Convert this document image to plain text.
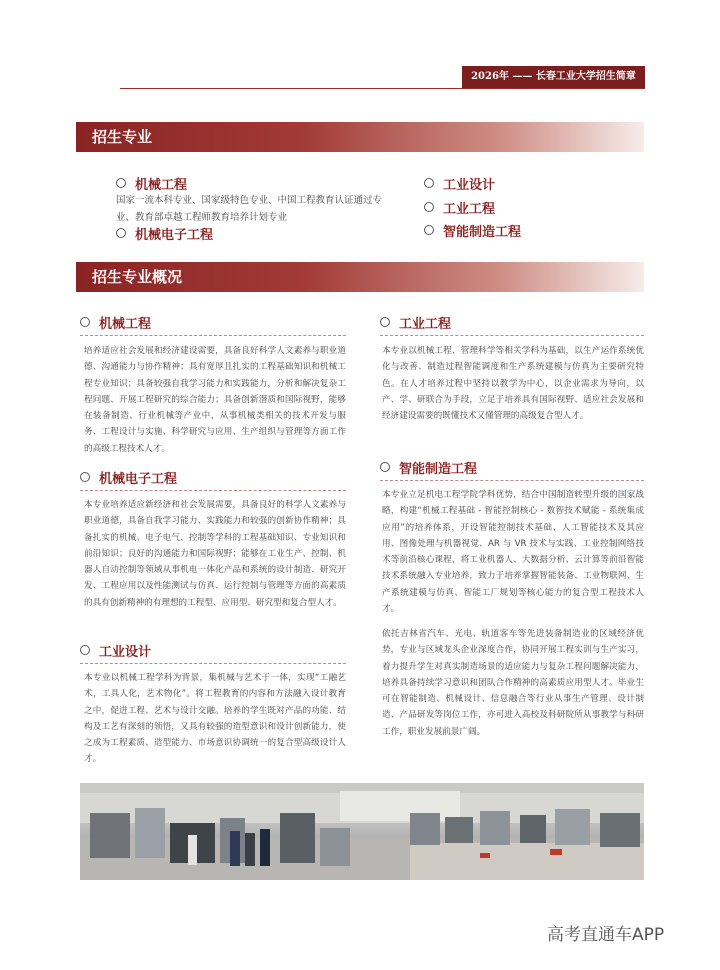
2026年 —— 长春工业大学招生简章
招生专业
机械工程
国家一流本科专业、国家级特色专业、中国工程教育认证通过专业、教育部卓越工程师教育培养计划专业
机械电子工程
工业设计
工业工程
智能制造工程
招生专业概况
机械工程
培养适应社会发展和经济建设需要，具备良好科学人文素养与职业道德、沟通能力与协作精神；具有宽厚且扎实的工程基础知识和机械工程专业知识；具备较强自我学习能力和实践能力，分析和解决复杂工程问题、开展工程研究的综合能力；具备创新潜质和国际视野，能够在装备制造、行业机械等产业中，从事机械类相关的技术开发与服务、工程设计与实施、科学研究与应用、生产组织与管理等方面工作的高级工程技术人才。
机械电子工程
本专业培养适应新经济和社会发展需要，具备良好的科学人文素养与职业道德，具备自我学习能力、实践能力和较强的创新协作精神；具备扎实的机械、电子电气、控制等学科的工程基础知识、专业知识和前沿知识；良好的沟通能力和国际视野；能够在工业生产、控制、机器人自动控制等领域从事机电一体化产品和系统的设计制造、研究开发、工程应用以及性能测试与仿真、运行控制与管理等方面的高素质的具有创新精神的有理想的工程型、应用型、研究型和复合型人才。
工业设计
本专业以机械工程学科为背景，集机械与艺术于一体，实现“工融艺术，工具人化，艺术物化”。将工程教育的内容和方法融入设计教育之中，促进工程、艺术与设计交融。培养的学生既对产品的功能、结构及工艺有深刻的领悟，又具有较强的造型意识和设计创新能力，使之成为工程素质、造型能力、市场意识协调统一的复合型高级设计人才。
工业工程
本专业以机械工程、管理科学等相关学科为基础，以生产运作系统优化与改善、制造过程智能调度和生产系统建模与仿真为主要研究特色。在人才培养过程中坚持以教学为中心，以企业需求为导向，以产、学、研联合为手段，立足于培养具有国际视野、适应社会发展和经济建设需要的既懂技术又懂管理的高级复合型人才。
智能制造工程
本专业立足机电工程学院学科优势，结合中国制造转型升级的国家战略，构建“机械工程基础 - 智能控制核心 - 数智技术赋能 - 系统集成应用”的培养体系，开设智能控制技术基础、人工智能技术及其应用、图像处理与机器视觉、AR 与 VR 技术与实践、工业控制网络技术等前沿核心课程，将工业机器人、大数据分析、云计算等前沿智能技术系统融入专业培养，致力于培养掌握智能装备、工业物联网、生产系统建模与仿真、智能工厂规划等核心能力的复合型工程技术人才。
依托吉林省汽车、光电、轨道客车等先进装备制造业的区域经济优势，专业与区域龙头企业深度合作，协同开展工程实训与生产实习，着力提升学生对真实制造场景的适应能力与复杂工程问题解决能力，培养具备持续学习意识和团队合作精神的高素质应用型人才。毕业生可在智能制造、机械设计、信息融合等行业从事生产管理、设计制造、产品研发等岗位工作，亦可进入高校及科研院所从事教学与科研工作，职业发展前景广阔。
高考直通车APP
